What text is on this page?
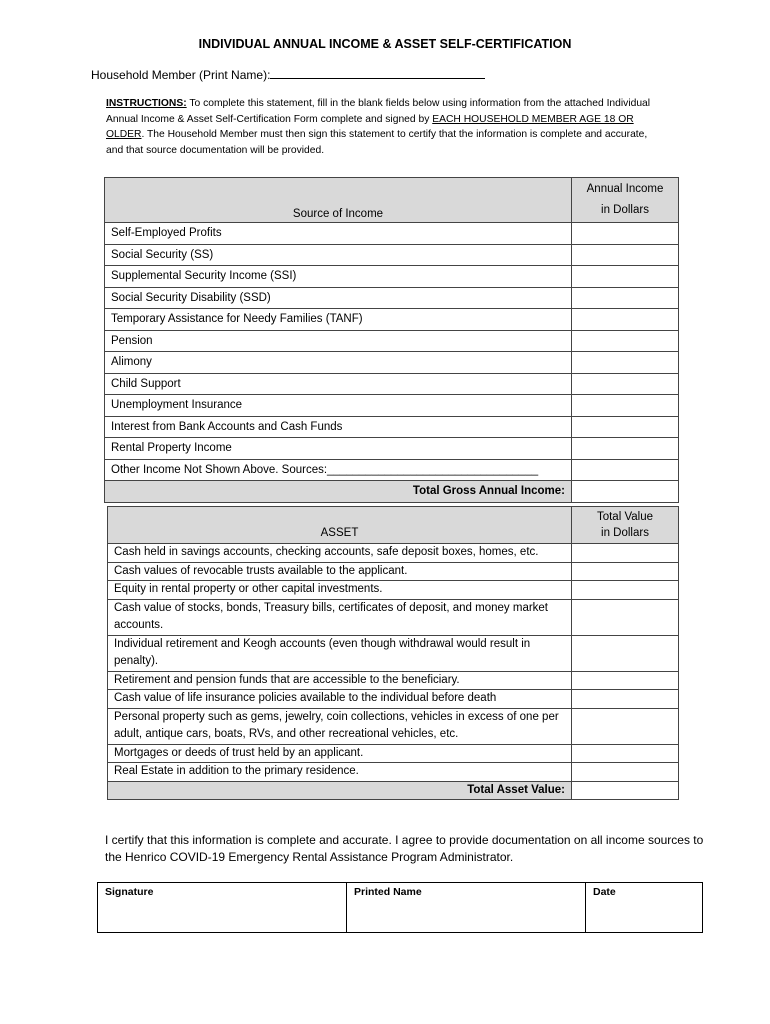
INDIVIDUAL ANNUAL INCOME & ASSET SELF-CERTIFICATION
Household Member (Print Name):
INSTRUCTIONS: To complete this statement, fill in the blank fields below using information from the attached Individual Annual Income & Asset Self-Certification Form complete and signed by EACH HOUSEHOLD MEMBER AGE 18 OR OLDER. The Household Member must then sign this statement to certify that the information is complete and accurate, and that source documentation will be provided.
Source of Income	Annual Income
in Dollars

Self-Employed Profits	
Social Security (SS)	
Supplemental Security Income (SSI)	
Social Security Disability (SSD)	
Temporary Assistance for Needy Families (TANF)	
Pension	
Alimony	
Child Support	
Unemployment Insurance	
Interest from Bank Accounts and Cash Funds	
Rental Property Income	
Other Income Not Shown Above. Sources:_________________________________	
Total Gross Annual Income:	
ASSET	Total Value
in Dollars

Cash held in savings accounts, checking accounts, safe deposit boxes, homes, etc.	
Cash values of revocable trusts available to the applicant.	
Equity in rental property or other capital investments.	
Cash value of stocks, bonds, Treasury bills, certificates of deposit, and money market accounts.	
Individual retirement and Keogh accounts (even though withdrawal would result in penalty).	
Retirement and pension funds that are accessible to the beneficiary.	
Cash value of life insurance policies available to the individual before death	
Personal property such as gems, jewelry, coin collections, vehicles in excess of one per adult, antique cars, boats, RVs, and other recreational vehicles, etc.	
Mortgages or deeds of trust held by an applicant.	
Real Estate in addition to the primary residence.	
Total Asset Value:	
I certify that this information is complete and accurate. I agree to provide documentation on all income sources to the Henrico COVID-19 Emergency Rental Assistance Program Administrator.
Signature	Printed Name	Date
